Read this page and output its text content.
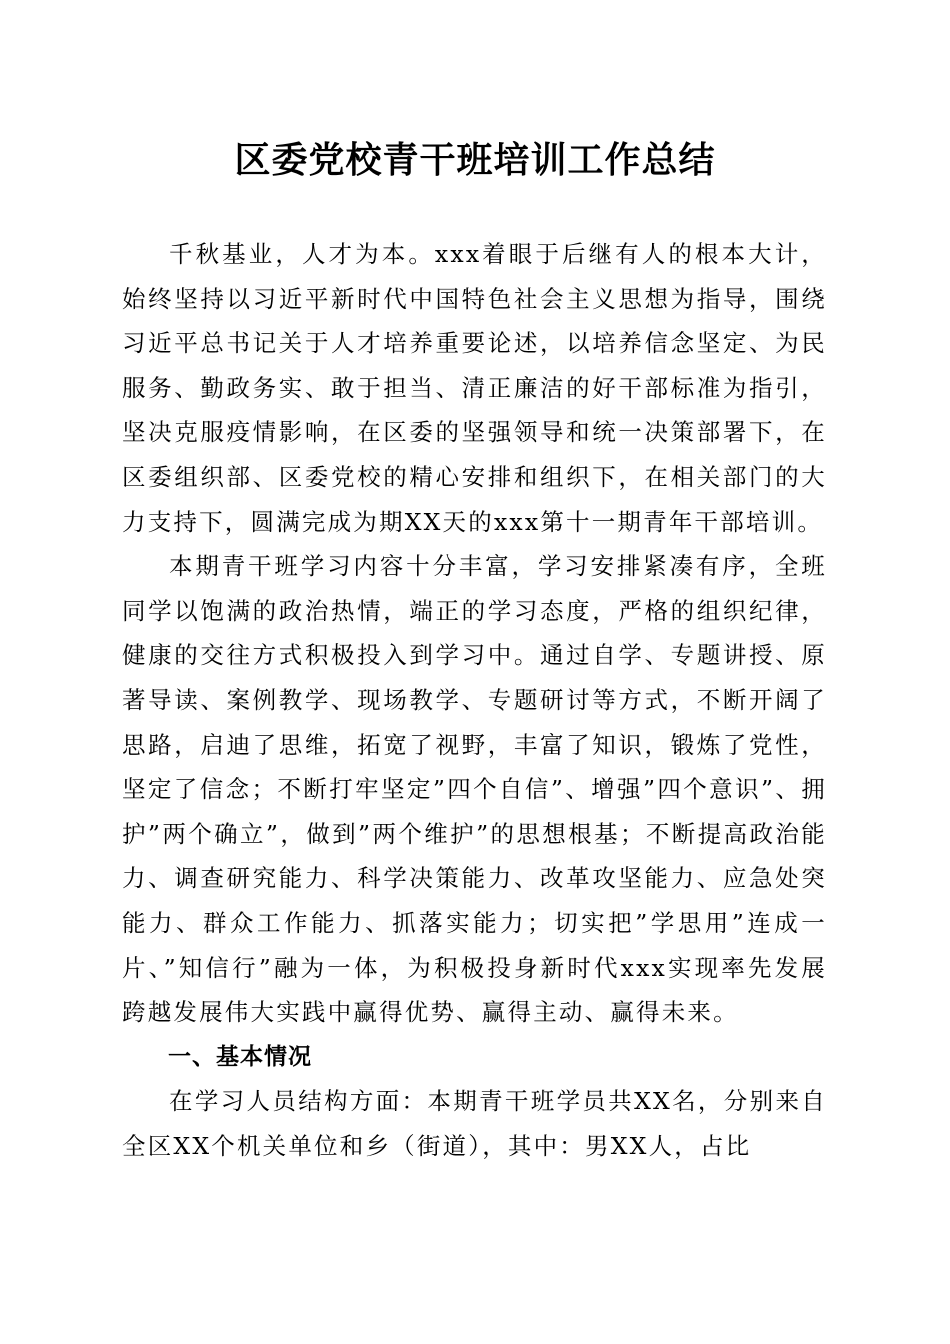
区委党校青干班培训工作总结

千秋基业，人才为本。xxx着眼于后继有人的根本大计，始终坚持以习近平新时代中国特色社会主义思想为指导，围绕习近平总书记关于人才培养重要论述，以培养信念坚定、为民服务、勤政务实、敢于担当、清正廉洁的好干部标准为指引，坚决克服疫情影响，在区委的坚强领导和统一决策部署下，在区委组织部、区委党校的精心安排和组织下，在相关部门的大力支持下，圆满完成为期XX天的xxx第十一期青年干部培训。

本期青干班学习内容十分丰富，学习安排紧凑有序，全班同学以饱满的政治热情，端正的学习态度，严格的组织纪律，健康的交往方式积极投入到学习中。通过自学、专题讲授、原著导读、案例教学、现场教学、专题研讨等方式，不断开阔了思路，启迪了思维，拓宽了视野，丰富了知识，锻炼了党性，坚定了信念；不断打牢坚定”四个自信”、增强”四个意识”、拥护”两个确立”，做到”两个维护”的思想根基；不断提高政治能力、调查研究能力、科学决策能力、改革攻坚能力、应急处突能力、群众工作能力、抓落实能力；切实把”学思用”连成一片、”知信行”融为一体，为积极投身新时代xxx实现率先发展跨越发展伟大实践中赢得优势、赢得主动、赢得未来。

一、基本情况

在学习人员结构方面：本期青干班学员共XX名，分别来自全区XX个机关单位和乡（街道），其中：男XX人，占比
